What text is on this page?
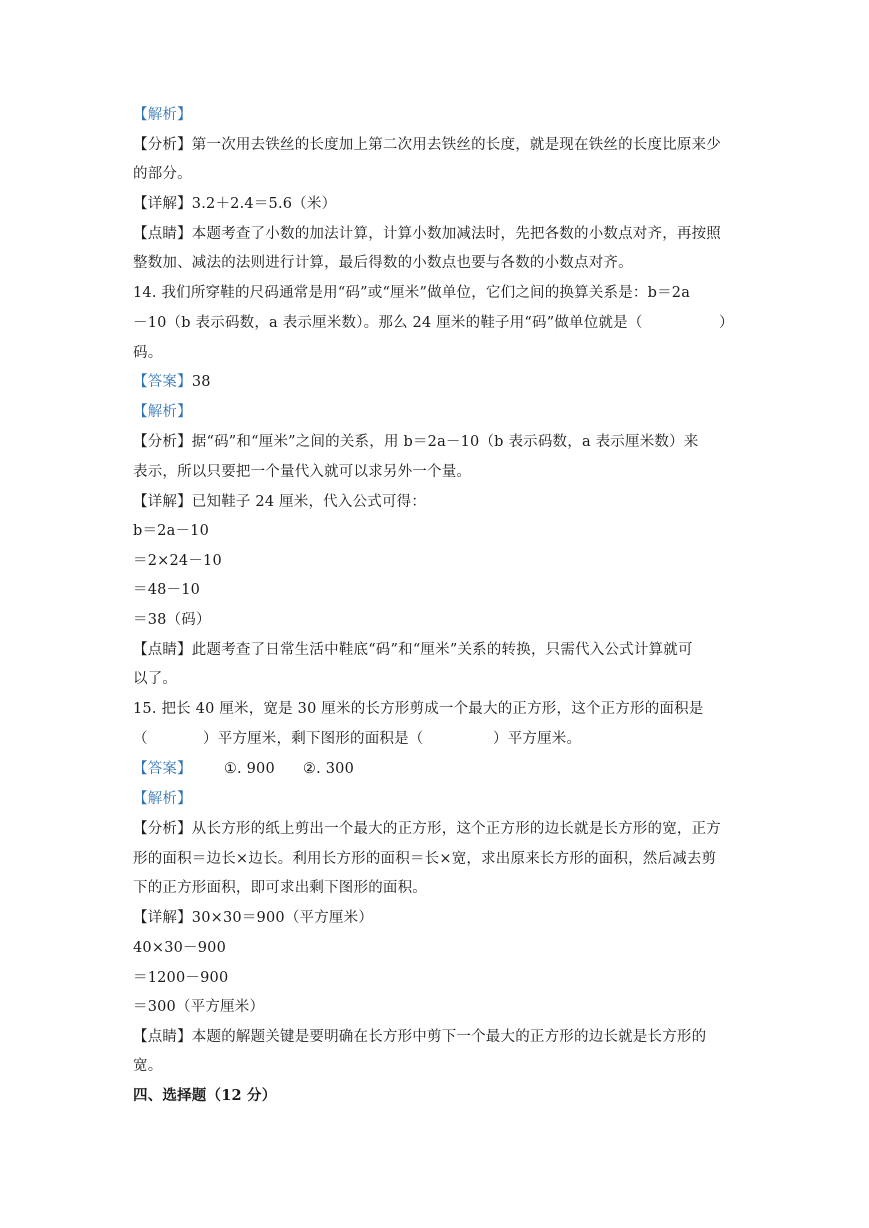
【解析】
【分析】第一次用去铁丝的长度加上第二次用去铁丝的长度，就是现在铁丝的长度比原来少
的部分。
【详解】3.2＋2.4＝5.6（米）
【点睛】本题考查了小数的加法计算，计算小数加减法时，先把各数的小数点对齐，再按照
整数加、减法的法则进行计算，最后得数的小数点也要与各数的小数点对齐。
14. 我们所穿鞋的尺码通常是用“码”或“厘米”做单位，它们之间的换算关系是：b＝2a
－10（b 表示码数，a 表示厘米数）。那么 24 厘米的鞋子用“码”做单位就是（	）
码。
【答案】38
【解析】
【分析】据“码”和“厘米”之间的关系，用 b＝2a－10（b 表示码数，a 表示厘米数）来
表示，所以只要把一个量代入就可以求另外一个量。
【详解】已知鞋子 24 厘米，代入公式可得：
b＝2a－10
＝2×24－10
＝48－10
＝38（码）
【点睛】此题考查了日常生活中鞋底“码”和“厘米”关系的转换，只需代入公式计算就可
以了。
15. 把长 40 厘米，宽是 30 厘米的长方形剪成一个最大的正方形，这个正方形的面积是
（	）平方厘米，剩下图形的面积是（	）平方厘米。
【答案】 ①. 900 ②. 300
【解析】
【分析】从长方形的纸上剪出一个最大的正方形，这个正方形的边长就是长方形的宽，正方
形的面积＝边长×边长。利用长方形的面积＝长×宽，求出原来长方形的面积，然后减去剪
下的正方形面积，即可求出剩下图形的面积。
【详解】30×30＝900（平方厘米）
40×30－900
＝1200－900
＝300（平方厘米）
【点睛】本题的解题关键是要明确在长方形中剪下一个最大的正方形的边长就是长方形的
宽。
四、选择题（12 分）
